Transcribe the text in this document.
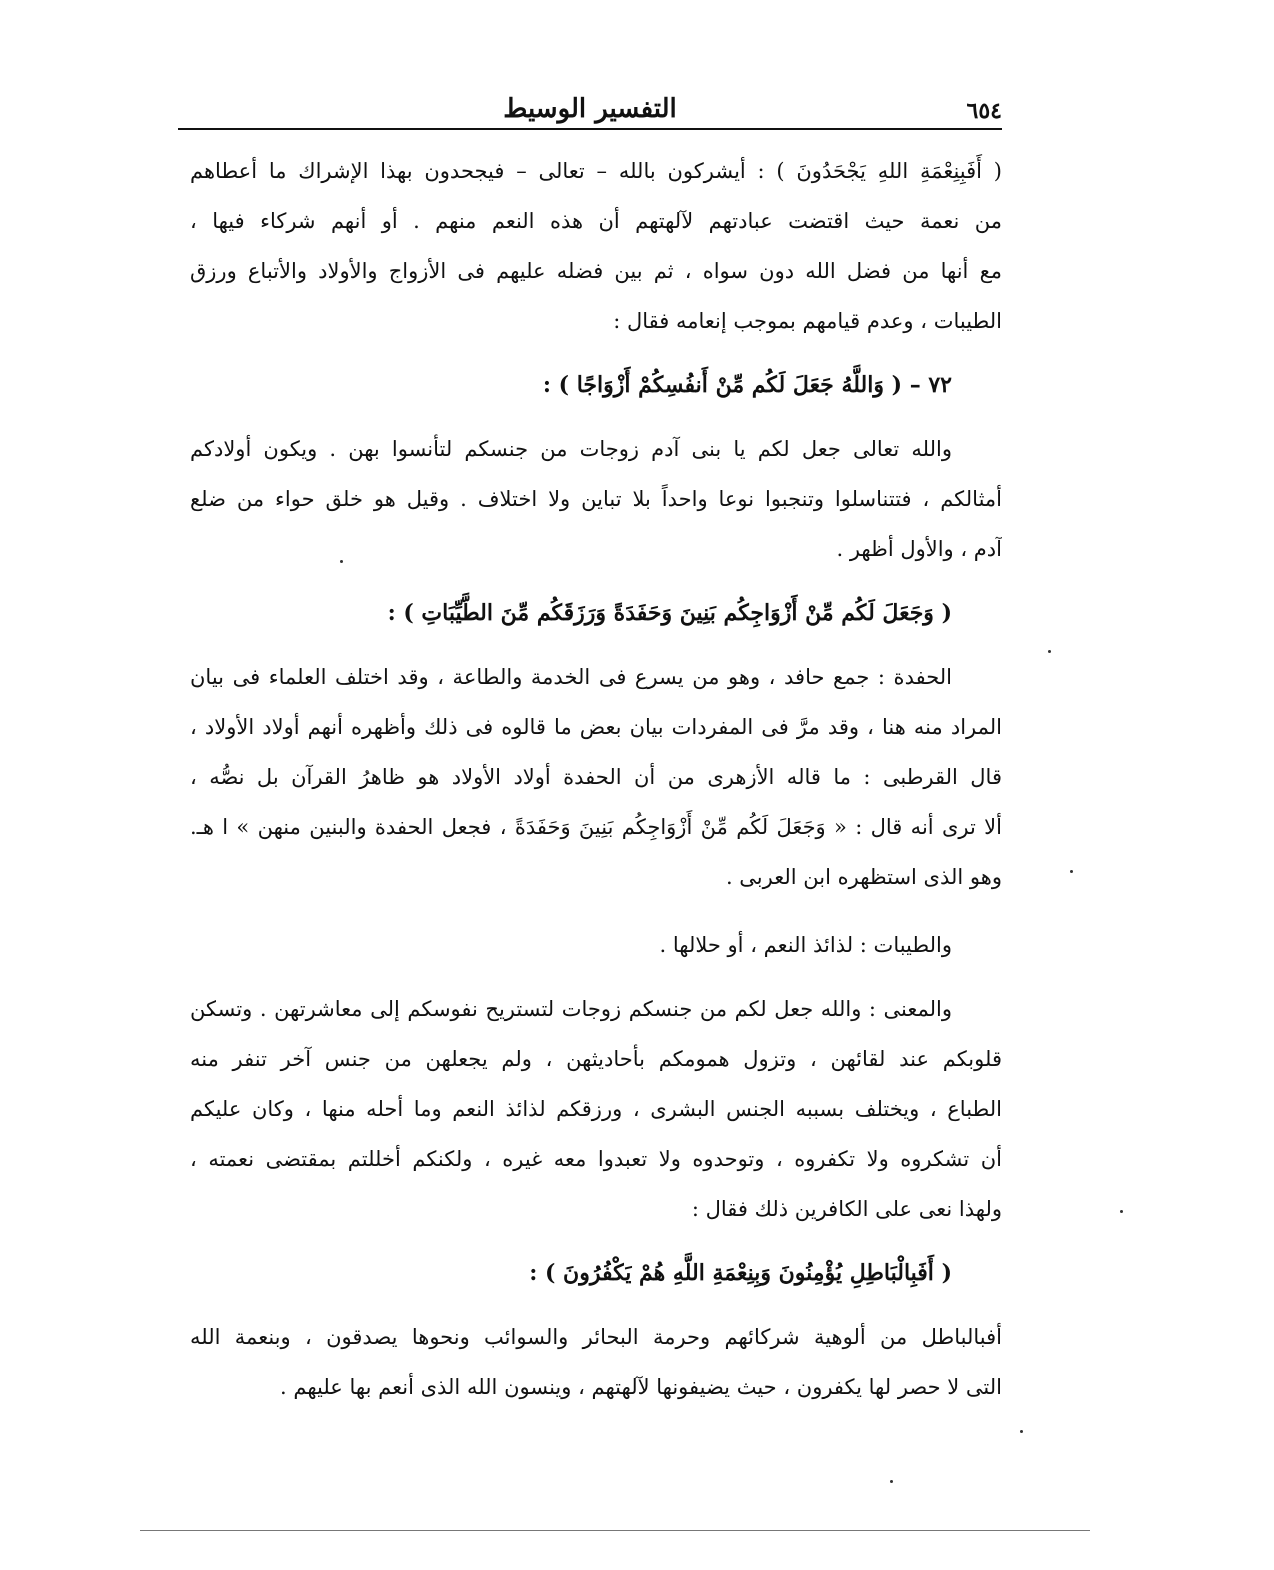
٦٥٤
التفسير الوسيط
( أَفَبِنِعْمَةِ اللهِ يَجْحَدُونَ ) : أيشركون بالله – تعالى – فيجحدون بهذا الإشراك ما أعطاهم
من نعمة حيث اقتضت عبادتهم لآلهتهم أن هذه النعم منهم . أو أنهم شركاء فيها ،
مع أنها من فضل الله دون سواه ، ثم بين فضله عليهم فى الأزواج والأولاد والأتباع ورزق
الطيبات ، وعدم قيامهم بموجب إنعامه فقال :
٧٢ – ( وَاللَّهُ جَعَلَ لَكُم مِّنْ أَنفُسِكُمْ أَزْوَاجًا ) :
والله تعالى جعل لكم يا بنى آدم زوجات من جنسكم لتأنسوا بهن . ويكون أولادكم
أمثالكم ، فتتناسلوا وتنجبوا نوعا واحداً بلا تباين ولا اختلاف . وقيل هو خلق حواء من ضلع
آدم ، والأول أظهر .
( وَجَعَلَ لَكُم مِّنْ أَزْوَاجِكُم بَنِينَ وَحَفَدَةً وَرَزَقَكُم مِّنَ الطَّيِّبَاتِ ) :
الحفدة : جمع حافد ، وهو من يسرع فى الخدمة والطاعة ، وقد اختلف العلماء فى بيان
المراد منه هنا ، وقد مرَّ فى المفردات بيان بعض ما قالوه فى ذلك وأظهره أنهم أولاد الأولاد ،
قال القرطبى : ما قاله الأزهرى من أن الحفدة أولاد الأولاد هو ظاهرُ القرآن بل نصُّه ،
ألا ترى أنه قال : « وَجَعَلَ لَكُم مِّنْ أَزْوَاجِكُم بَنِينَ وَحَفَدَةً ، فجعل الحفدة والبنين منهن » ا هـ.
وهو الذى استظهره ابن العربى .
والطيبات : لذائذ النعم ، أو حلالها .
والمعنى : والله جعل لكم من جنسكم زوجات لتستريح نفوسكم إلى معاشرتهن . وتسكن
قلوبكم عند لقائهن ، وتزول همومكم بأحاديثهن ، ولم يجعلهن من جنس آخر تنفر منه
الطباع ، ويختلف بسببه الجنس البشرى ، ورزقكم لذائذ النعم وما أحله منها ، وكان عليكم
أن تشكروه ولا تكفروه ، وتوحدوه ولا تعبدوا معه غيره ، ولكنكم أخللتم بمقتضى نعمته ،
ولهذا نعى على الكافرين ذلك فقال :
( أَفَبِالْبَاطِلِ يُؤْمِنُونَ وَبِنِعْمَةِ اللَّهِ هُمْ يَكْفُرُونَ ) :
أفبالباطل من ألوهية شركائهم وحرمة البحائر والسوائب ونحوها يصدقون ، وبنعمة الله
التى لا حصر لها يكفرون ، حيث يضيفونها لآلهتهم ، وينسون الله الذى أنعم بها عليهم .
